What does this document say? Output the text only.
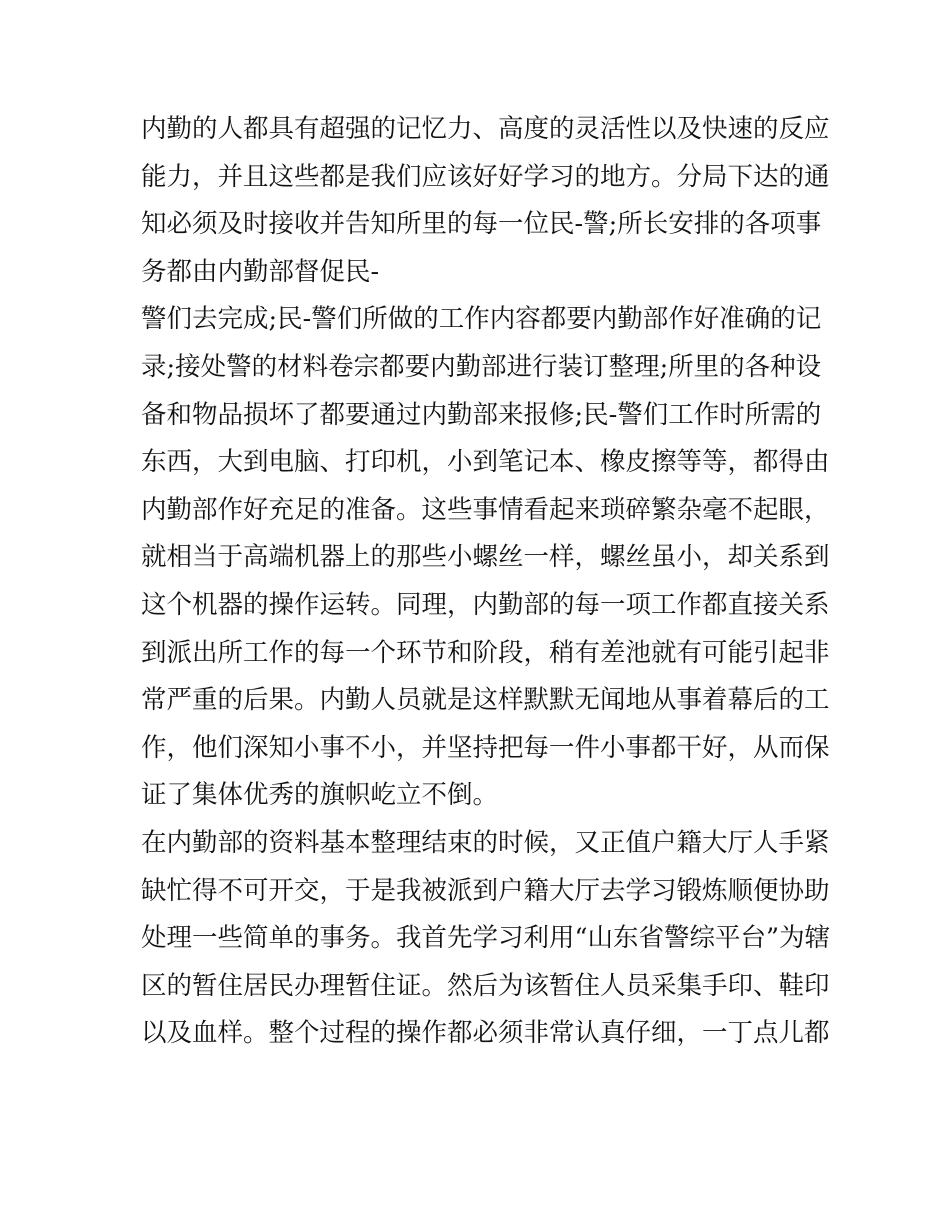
内勤的人都具有超强的记忆力、高度的灵活性以及快速的反应
能力，并且这些都是我们应该好好学习的地方。分局下达的通
知必须及时接收并告知所里的每一位民-警;所长安排的各项事
务都由内勤部督促民-
警们去完成;民-警们所做的工作内容都要内勤部作好准确的记
录;接处警的材料卷宗都要内勤部进行装订整理;所里的各种设
备和物品损坏了都要通过内勤部来报修;民-警们工作时所需的
东西，大到电脑、打印机，小到笔记本、橡皮擦等等，都得由
内勤部作好充足的准备。这些事情看起来琐碎繁杂毫不起眼，
就相当于高端机器上的那些小螺丝一样，螺丝虽小，却关系到
这个机器的操作运转。同理，内勤部的每一项工作都直接关系
到派出所工作的每一个环节和阶段，稍有差池就有可能引起非
常严重的后果。内勤人员就是这样默默无闻地从事着幕后的工
作，他们深知小事不小，并坚持把每一件小事都干好，从而保
证了集体优秀的旗帜屹立不倒。
在内勤部的资料基本整理结束的时候，又正值户籍大厅人手紧
缺忙得不可开交，于是我被派到户籍大厅去学习锻炼顺便协助
处理一些简单的事务。我首先学习利用“山东省警综平台”为辖
区的暂住居民办理暂住证。然后为该暂住人员采集手印、鞋印
以及血样。整个过程的操作都必须非常认真仔细，一丁点儿都
